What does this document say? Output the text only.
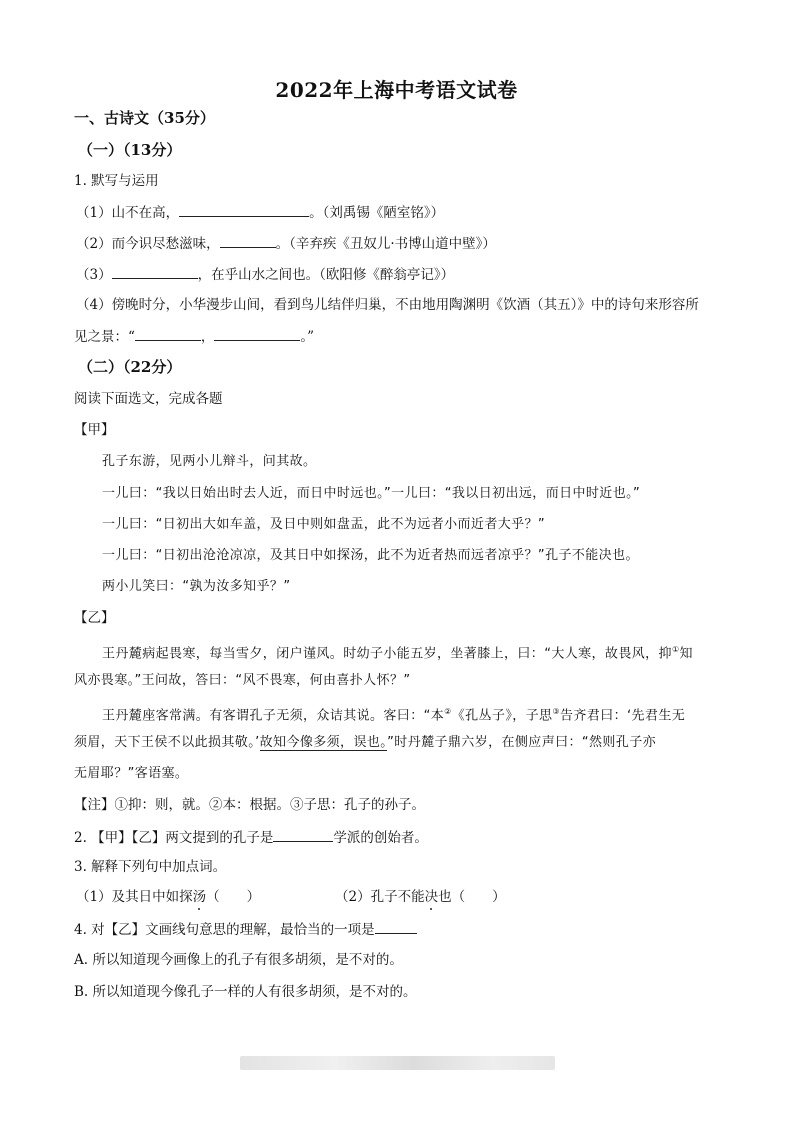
2022年上海中考语文试卷
一、古诗文（35分）
（一）（13分）
1. 默写与运用
（1）山不在高，	。（刘禹锡《陋室铭》）
（2）而今识尽愁滋味，	。（辛弃疾《丑奴儿·书博山道中壁》）
（3）	，在乎山水之间也。（欧阳修《醉翁亭记》）
（4）傍晚时分，小华漫步山间，看到鸟儿结伴归巢，不由地用陶渊明《饮酒（其五）》中的诗句来形容所
见之景：“	，	。”
（二）（22分）
阅读下面选文，完成各题
【甲】
孔子东游，见两小儿辩斗，问其故。
一儿曰：“我以日始出时去人近，而日中时远也。”一儿曰：“我以日初出远，而日中时近也。”
一儿曰：“日初出大如车盖，及日中则如盘盂，此不为远者小而近者大乎？”
一儿曰：“日初出沧沧凉凉，及其日中如探汤，此不为近者热而远者凉乎？”孔子不能决也。
两小儿笑曰：“孰为汝多知乎？”
【乙】
王丹麓病起畏寒，每当雪夕，闭户谨风。时幼子小能五岁，坐著膝上，曰：“大人寒，故畏风，抑①知
风亦畏寒。”王问故，答曰：“风不畏寒，何由喜扑人怀？”
王丹麓座客常满。有客谓孔子无须，众诘其说。客曰：“本②《孔丛子》，子思③告齐君曰：‘先君生无
须眉，天下王侯不以此损其敬。’故知今像多须，误也。”时丹麓子鼎六岁，在侧应声曰：“然则孔子亦
无眉耶？”客语塞。
【注】①抑：则，就。②本：根据。③子思：孔子的孙子。
2. 【甲】【乙】两文提到的孔子是	学派的创始者。
3. 解释下列句中加点词。
（1）及其日中如探汤（　　）	（2）孔子不能决也（　　）
4. 对【乙】文画线句意思的理解，最恰当的一项是
A. 所以知道现今画像上的孔子有很多胡须，是不对的。
B. 所以知道现今像孔子一样的人有很多胡须，是不对的。
